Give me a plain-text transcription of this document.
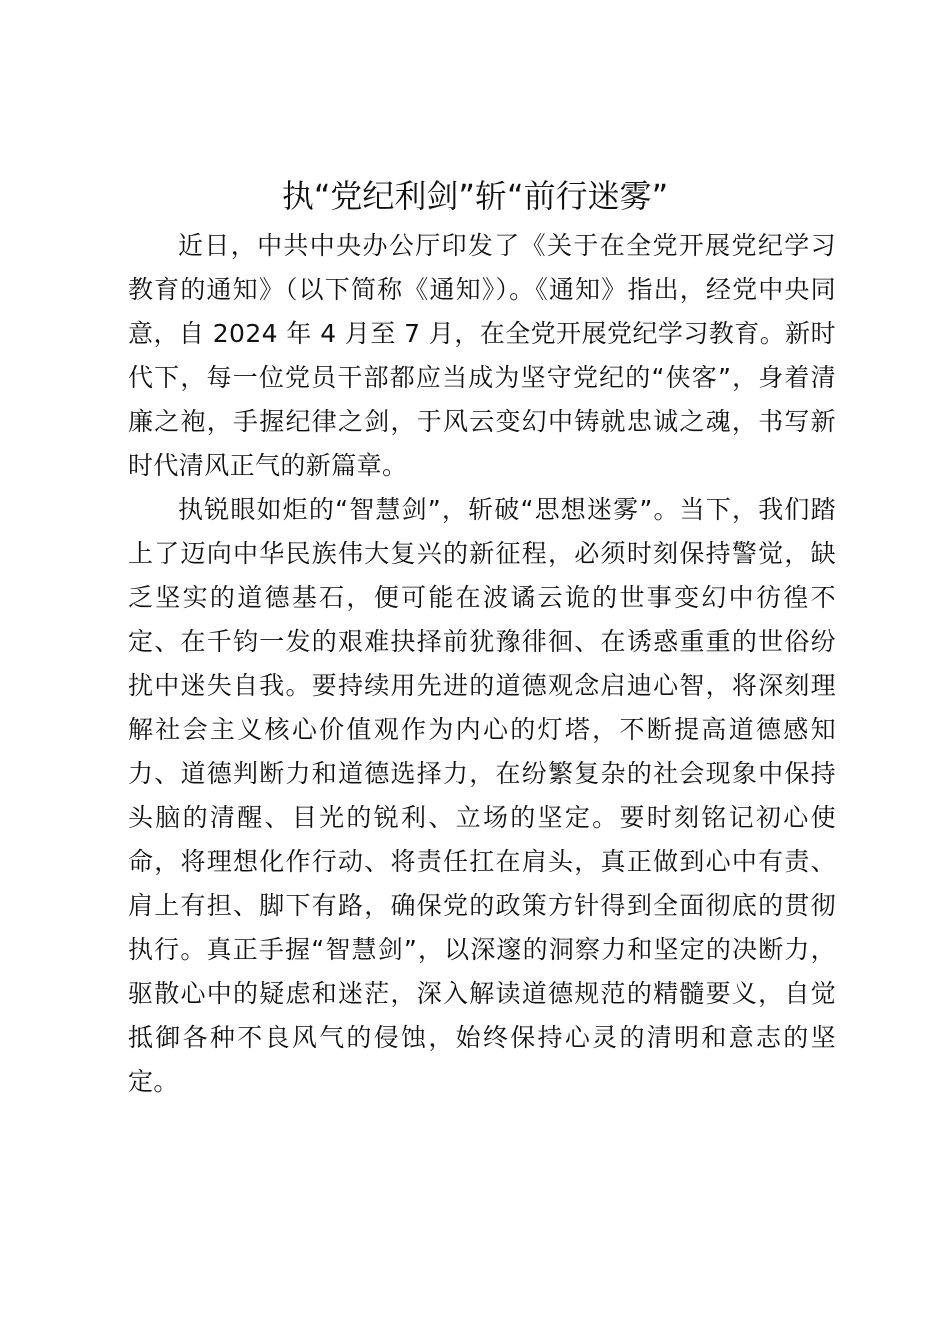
执“党纪利剑”斩“前行迷雾”

近日，中共中央办公厅印发了《关于在全党开展党纪学习教育的通知》（以下简称《通知》）。《通知》指出，经党中央同意，自 2024 年 4 月至 7 月，在全党开展党纪学习教育。新时代下，每一位党员干部都应当成为坚守党纪的“侠客”，身着清廉之袍，手握纪律之剑，于风云变幻中铸就忠诚之魂，书写新时代清风正气的新篇章。

执锐眼如炬的“智慧剑”，斩破“思想迷雾”。当下，我们踏上了迈向中华民族伟大复兴的新征程，必须时刻保持警觉，缺乏坚实的道德基石，便可能在波谲云诡的世事变幻中彷徨不定、在千钧一发的艰难抉择前犹豫徘徊、在诱惑重重的世俗纷扰中迷失自我。要持续用先进的道德观念启迪心智，将深刻理解社会主义核心价值观作为内心的灯塔，不断提高道德感知力、道德判断力和道德选择力，在纷繁复杂的社会现象中保持头脑的清醒、目光的锐利、立场的坚定。要时刻铭记初心使命，将理想化作行动、将责任扛在肩头，真正做到心中有责、肩上有担、脚下有路，确保党的政策方针得到全面彻底的贯彻执行。真正手握“智慧剑”，以深邃的洞察力和坚定的决断力，驱散心中的疑虑和迷茫，深入解读道德规范的精髓要义，自觉抵御各种不良风气的侵蚀，始终保持心灵的清明和意志的坚定。
